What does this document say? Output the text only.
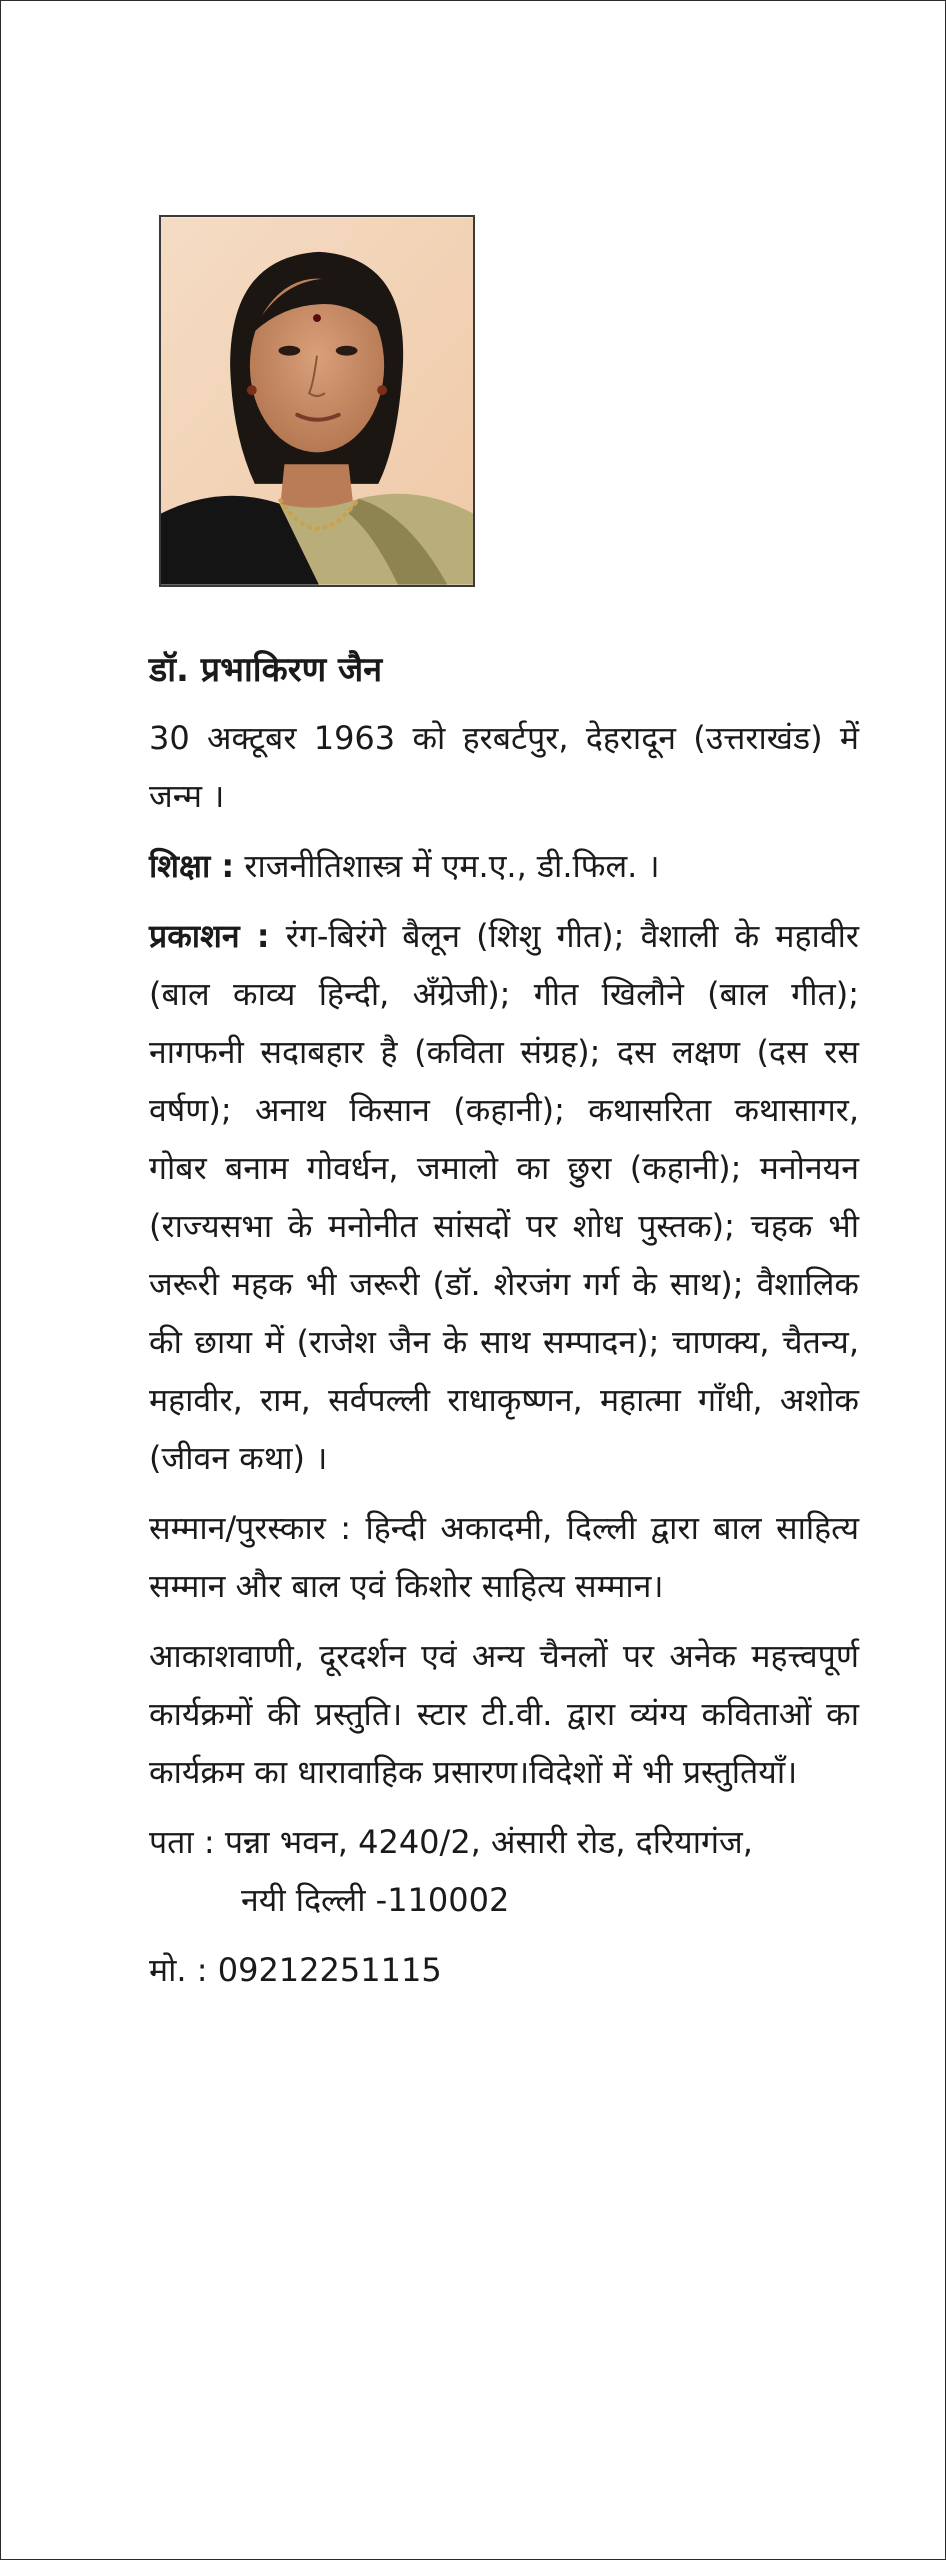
डॉ. प्रभाकिरण जैन

30 अक्टूबर 1963 को हरबर्टपुर, देहरादून (उत्तराखंड) में जन्म ।

शिक्षा : राजनीतिशास्त्र में एम.ए., डी.फिल. ।

प्रकाशन : रंग-बिरंगे बैलून (शिशु गीत); वैशाली के महावीर (बाल काव्य हिन्दी, अँग्रेजी); गीत खिलौने (बाल गीत); नागफनी सदाबहार है (कविता संग्रह); दस लक्षण (दस रस वर्षण); अनाथ किसान (कहानी); कथासरिता कथासागर, गोबर बनाम गोवर्धन, जमालो का छुरा (कहानी); मनोनयन (राज्यसभा के मनोनीत सांसदों पर शोध पुस्तक); चहक भी जरूरी महक भी जरूरी (डॉ. शेरजंग गर्ग के साथ); वैशालिक की छाया में (राजेश जैन के साथ सम्पादन); चाणक्य, चैतन्य, महावीर, राम, सर्वपल्ली राधाकृष्णन, महात्मा गाँधी, अशोक (जीवन कथा) ।

सम्मान/पुरस्कार : हिन्दी अकादमी, दिल्ली द्वारा बाल साहित्य सम्मान और बाल एवं किशोर साहित्य सम्मान।

आकाशवाणी, दूरदर्शन एवं अन्य चैनलों पर अनेक महत्त्वपूर्ण कार्यक्रमों की प्रस्तुति। स्टार टी.वी. द्वारा व्यंग्य कविताओं का कार्यक्रम का धारावाहिक प्रसारण।विदेशों में भी प्रस्तुतियाँ।

पता : पन्ना भवन, 4240/2, अंसारी रोड, दरियागंज,
नयी दिल्ली -110002

मो. : 09212251115
